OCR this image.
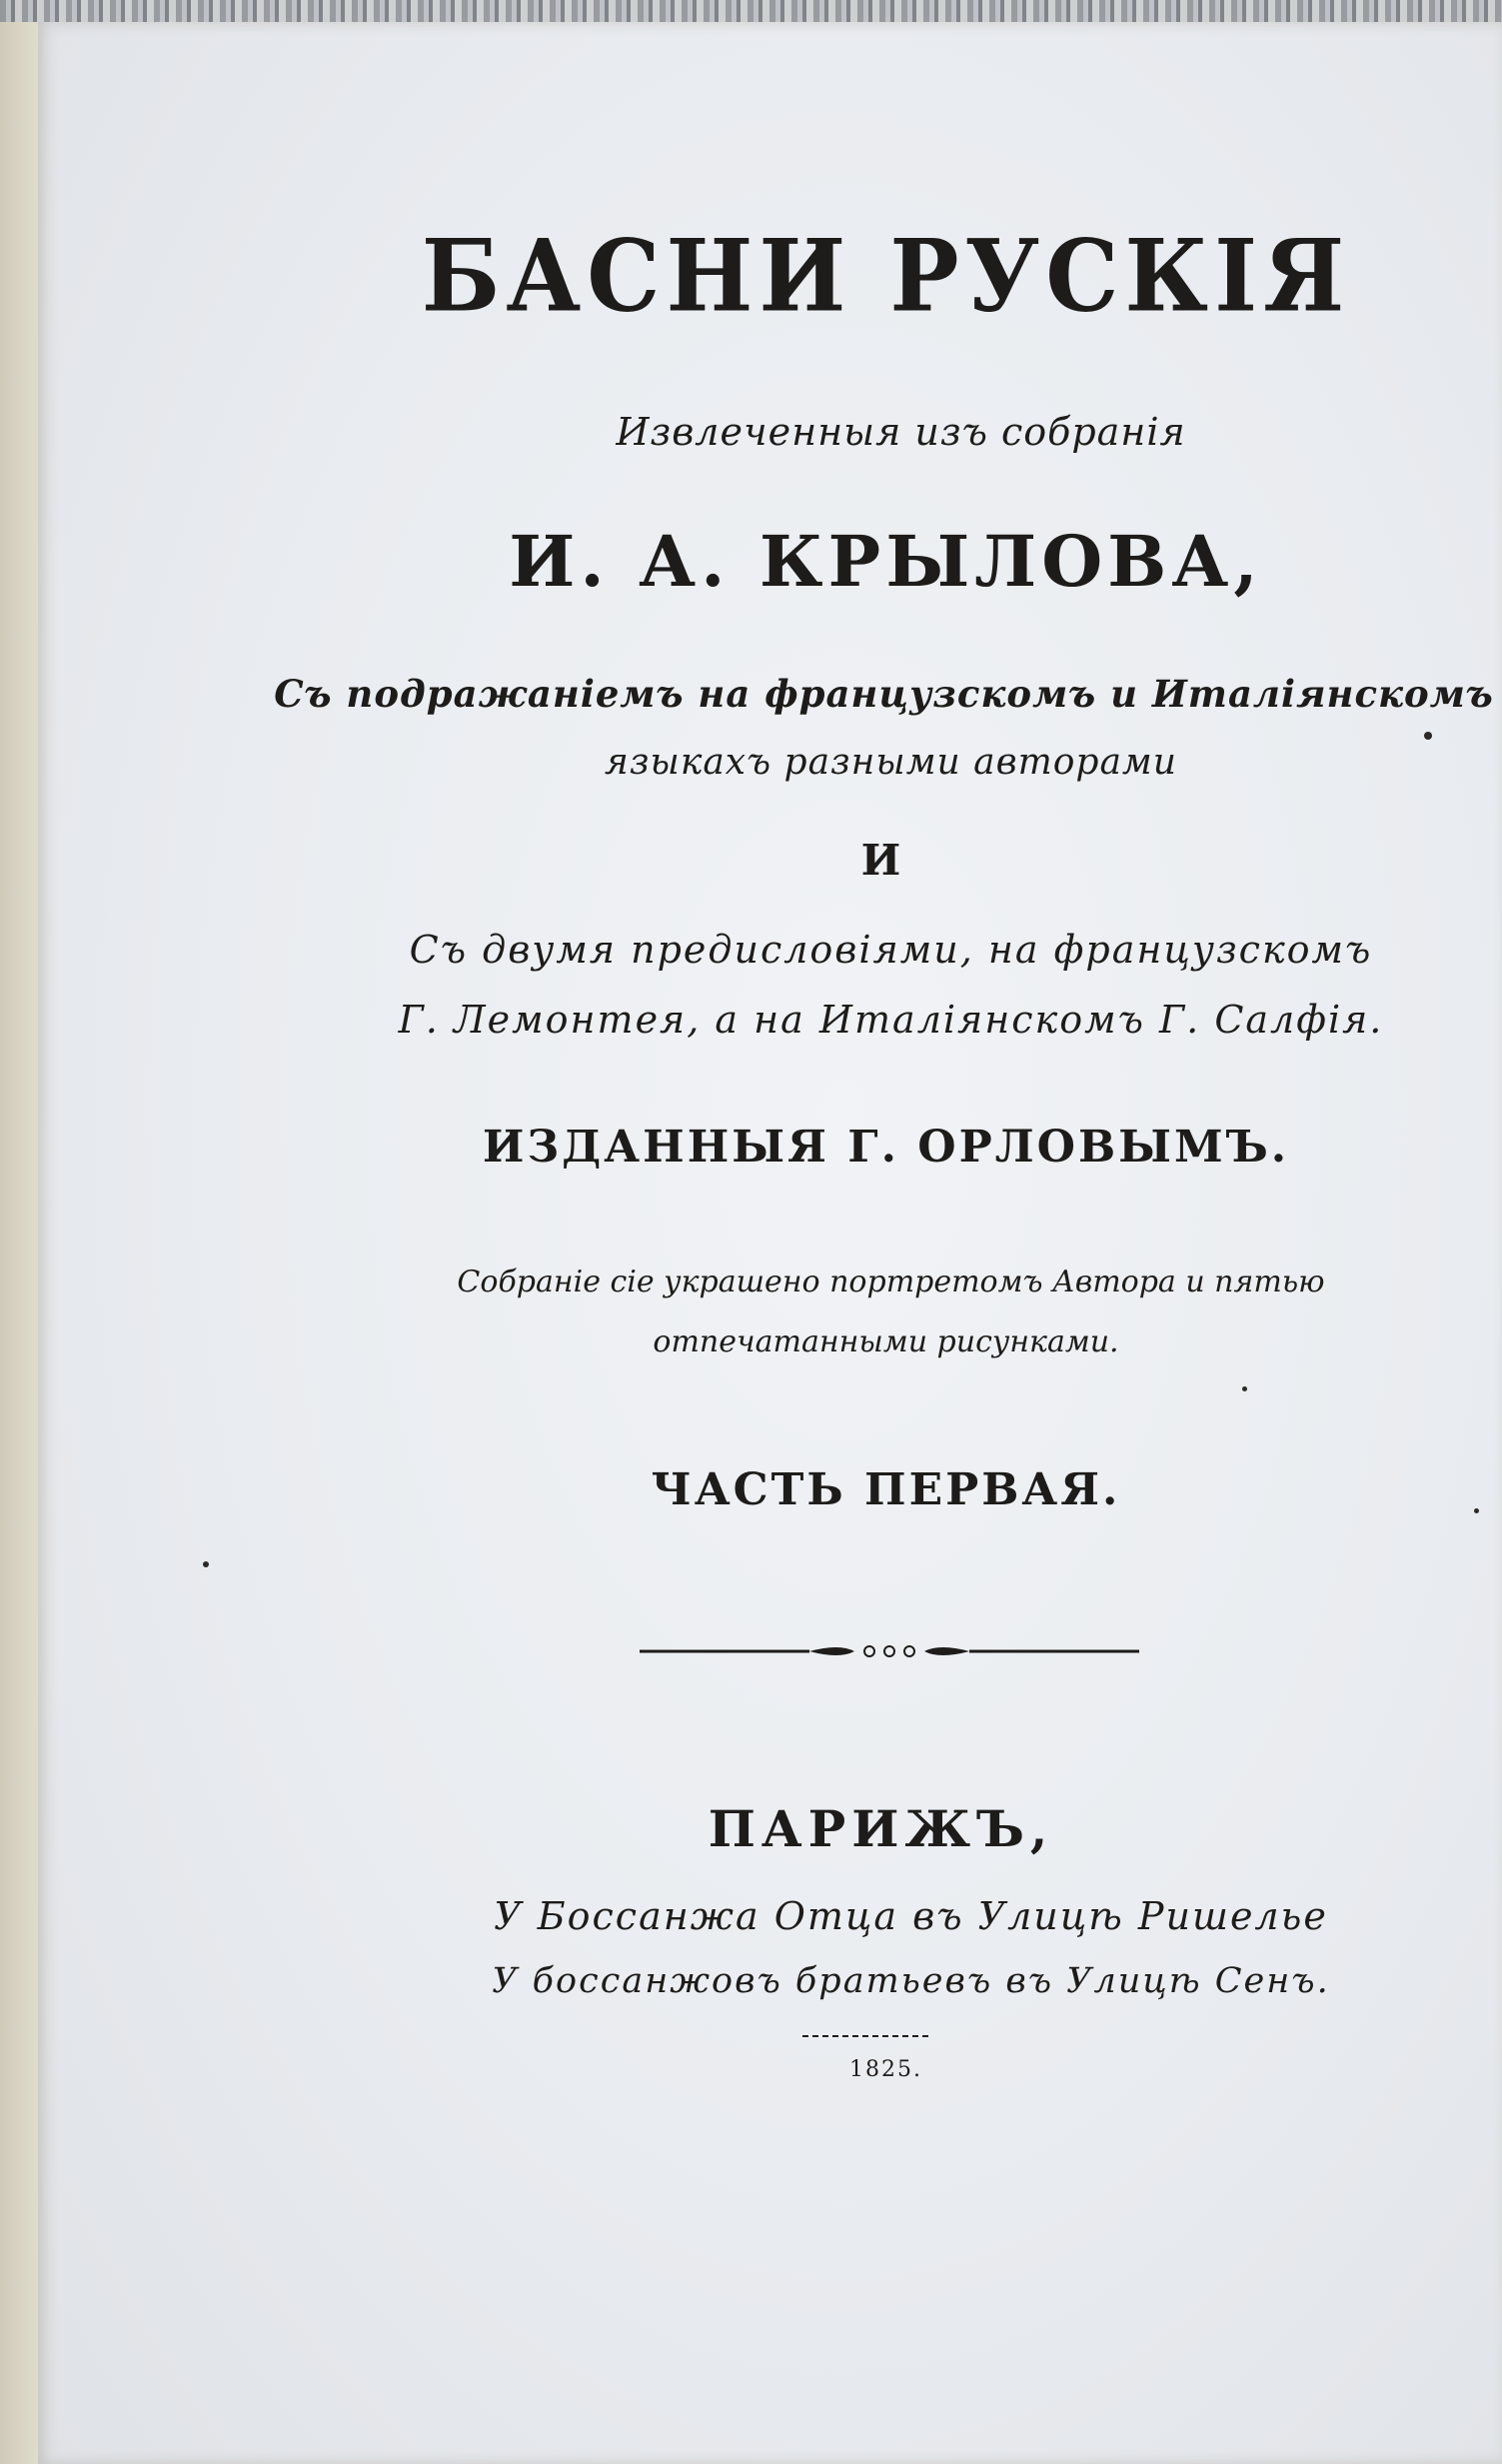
БАСНИ РУСКІЯ
Извлеченныя изъ собранія
И. А. КРЫЛОВА,
Съ подражаніемъ на французскомъ и Италіянскомъ
языкахъ разными авторами
И
Съ двумя предисловіями, на французскомъ
Г. Лемонтея, а на Италіянскомъ Г. Салфія.
ИЗДАННЫЯ Г. ОРЛОВЫМЪ.
Собраніе сіе украшено портретомъ Автора и пятью
отпечатанными рисунками.
ЧАСТЬ ПЕРВАЯ.
ПАРИЖЪ,
У Боссанжа Отца въ Улицѣ Ришелье
У боссанжовъ братьевъ въ Улицѣ Сенъ.
1825.
